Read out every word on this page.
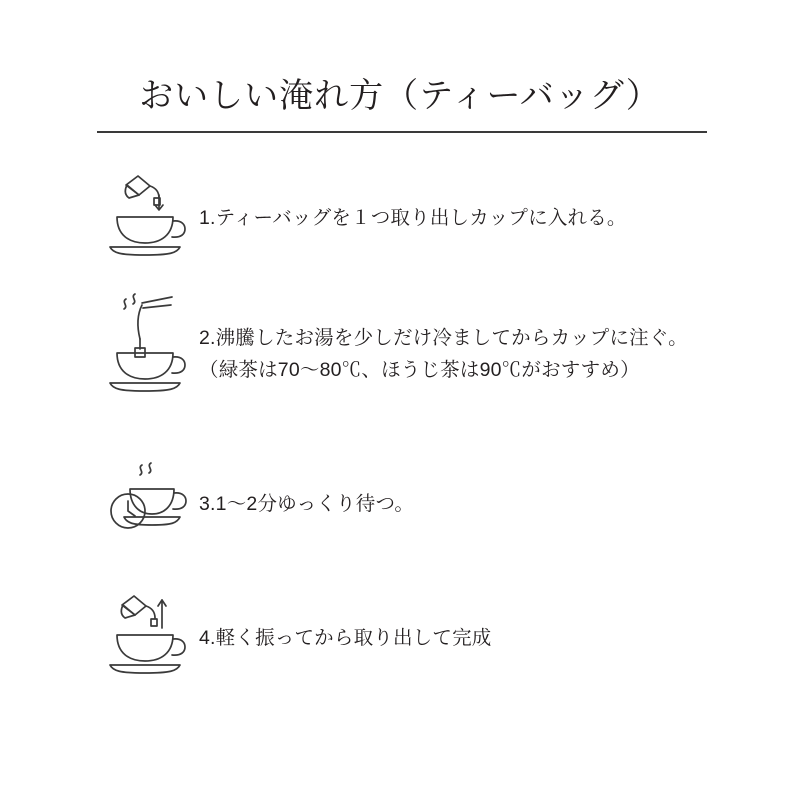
おいしい淹れ方（ティーバッグ）
1.ティーバッグを１つ取り出しカップに入れる。
2.沸騰したお湯を少しだけ冷ましてからカップに注ぐ。
（緑茶は70〜80℃、ほうじ茶は90℃がおすすめ）
3.1〜2分ゆっくり待つ。
4.軽く振ってから取り出して完成
